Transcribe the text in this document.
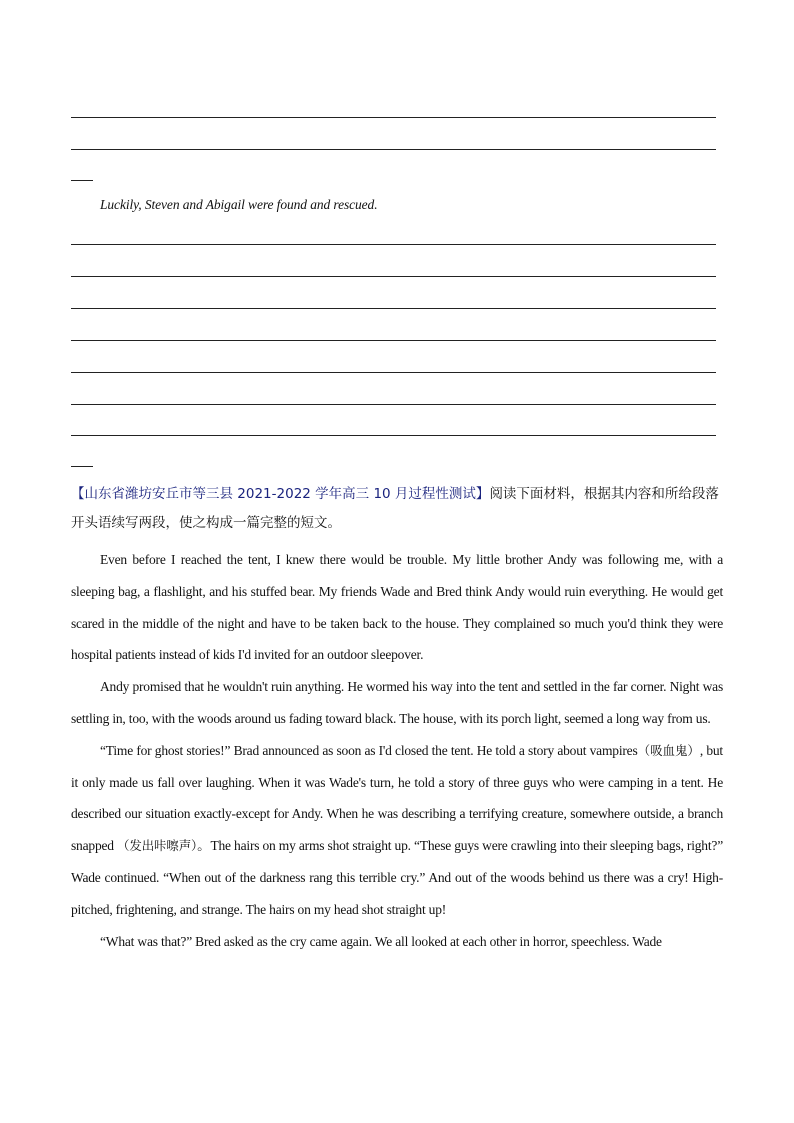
Luckily, Steven and Abigail were found and rescued.
【山东省潍坊安丘市等三县 2021-2022 学年高三 10 月过程性测试】阅读下面材料，根据其内容和所给段落开头语续写两段，使之构成一篇完整的短文。

Even before I reached the tent, I knew there would be trouble. My little brother Andy was following me, with a sleeping bag, a flashlight, and his stuffed bear. My friends Wade and Bred think Andy would ruin everything. He would get scared in the middle of the night and have to be taken back to the house. They complained so much you'd think they were hospital patients instead of kids I'd invited for an outdoor sleepover.

Andy promised that he wouldn't ruin anything. He wormed his way into the tent and settled in the far corner. Night was settling in, too, with the woods around us fading toward black. The house, with its porch light, seemed a long way from us.

“Time for ghost stories!” Brad announced as soon as I'd closed the tent. He told a story about vampires（吸血鬼）, but it only made us fall over laughing. When it was Wade's turn, he told a story of three guys who were camping in a tent. He described our situation exactly-except for Andy. When he was describing a terrifying creature, somewhere outside, a branch snapped （发出咔嚓声）。The hairs on my arms shot straight up. “These guys were crawling into their sleeping bags, right?” Wade continued. “When out of the darkness rang this terrible cry.” And out of the woods behind us there was a cry! High-pitched, frightening, and strange. The hairs on my head shot straight up!

“What was that?” Bred asked as the cry came again. We all looked at each other in horror, speechless. Wade
